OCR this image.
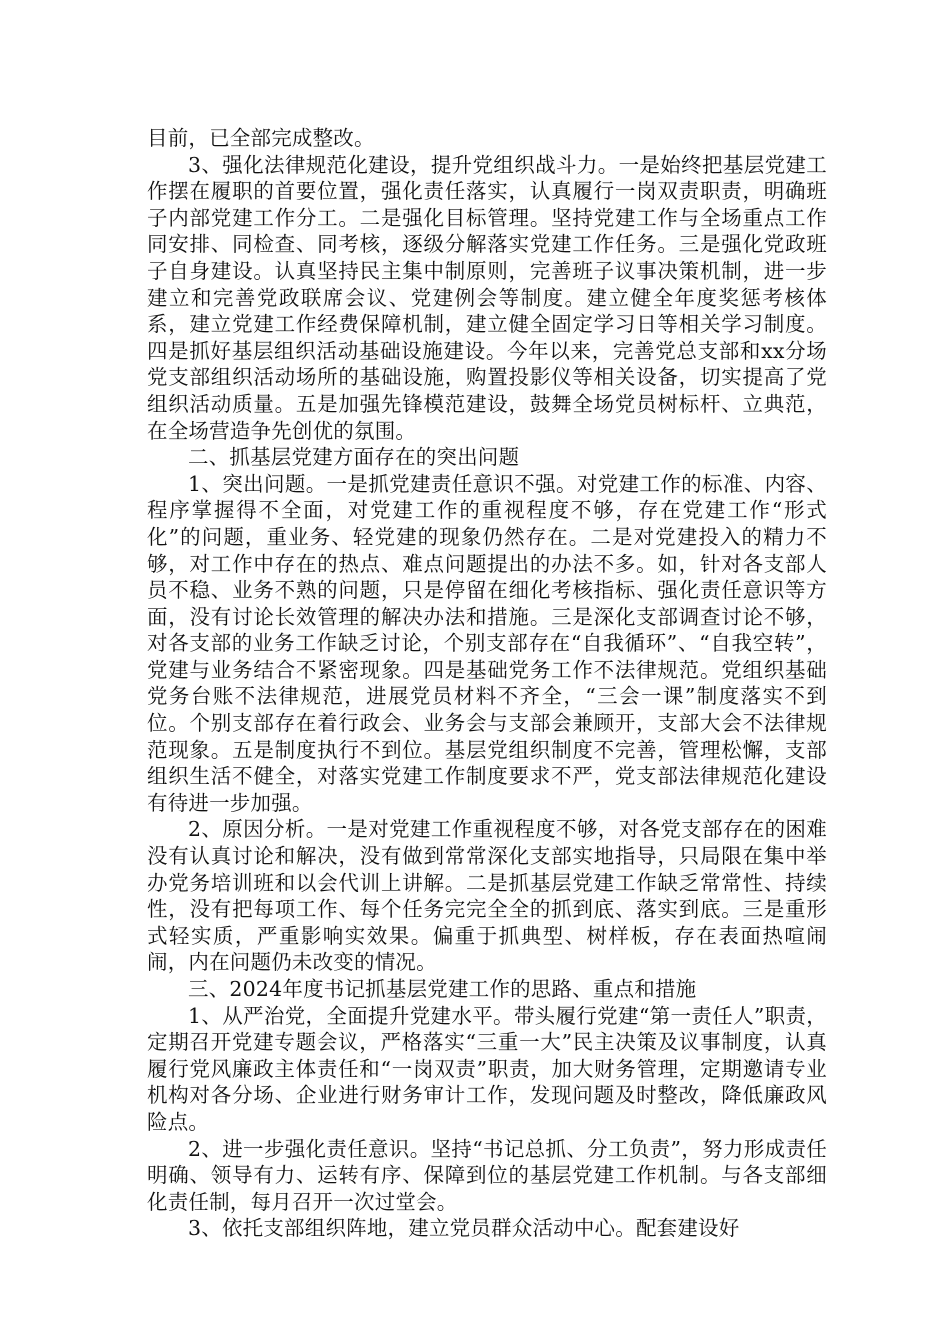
目前，已全部完成整改。

3、强化法律规范化建设，提升党组织战斗力。一是始终把基层党建工作摆在履职的首要位置，强化责任落实，认真履行一岗双责职责，明确班子内部党建工作分工。二是强化目标管理。坚持党建工作与全场重点工作同安排、同检查、同考核，逐级分解落实党建工作任务。三是强化党政班子自身建设。认真坚持民主集中制原则，完善班子议事决策机制，进一步建立和完善党政联席会议、党建例会等制度。建立健全年度奖惩考核体系，建立党建工作经费保障机制，建立健全固定学习日等相关学习制度。四是抓好基层组织活动基础设施建设。今年以来，完善党总支部和xx分场党支部组织活动场所的基础设施，购置投影仪等相关设备，切实提高了党组织活动质量。五是加强先锋模范建设，鼓舞全场党员树标杆、立典范，在全场营造争先创优的氛围。

二、抓基层党建方面存在的突出问题

1、突出问题。一是抓党建责任意识不强。对党建工作的标准、内容、程序掌握得不全面，对党建工作的重视程度不够，存在党建工作“形式化”的问题，重业务、轻党建的现象仍然存在。二是对党建投入的精力不够，对工作中存在的热点、难点问题提出的办法不多。如，针对各支部人员不稳、业务不熟的问题，只是停留在细化考核指标、强化责任意识等方面，没有讨论长效管理的解决办法和措施。三是深化支部调查讨论不够，对各支部的业务工作缺乏讨论，个别支部存在“自我循环”、“自我空转”，党建与业务结合不紧密现象。四是基础党务工作不法律规范。党组织基础党务台账不法律规范，进展党员材料不齐全，“三会一课”制度落实不到位。个别支部存在着行政会、业务会与支部会兼顾开，支部大会不法律规范现象。五是制度执行不到位。基层党组织制度不完善，管理松懈，支部组织生活不健全，对落实党建工作制度要求不严，党支部法律规范化建设有待进一步加强。

2、原因分析。一是对党建工作重视程度不够，对各党支部存在的困难没有认真讨论和解决，没有做到常常深化支部实地指导，只局限在集中举办党务培训班和以会代训上讲解。二是抓基层党建工作缺乏常常性、持续性，没有把每项工作、每个任务完完全全的抓到底、落实到底。三是重形式轻实质，严重影响实效果。偏重于抓典型、树样板，存在表面热喧闹闹，内在问题仍未改变的情况。

三、2024年度书记抓基层党建工作的思路、重点和措施

1、从严治党，全面提升党建水平。带头履行党建“第一责任人”职责，定期召开党建专题会议，严格落实“三重一大”民主决策及议事制度，认真履行党风廉政主体责任和“一岗双责”职责，加大财务管理，定期邀请专业机构对各分场、企业进行财务审计工作，发现问题及时整改，降低廉政风险点。

2、进一步强化责任意识。坚持“书记总抓、分工负责”，努力形成责任明确、领导有力、运转有序、保障到位的基层党建工作机制。与各支部细化责任制，每月召开一次过堂会。

3、依托支部组织阵地，建立党员群众活动中心。配套建设好
